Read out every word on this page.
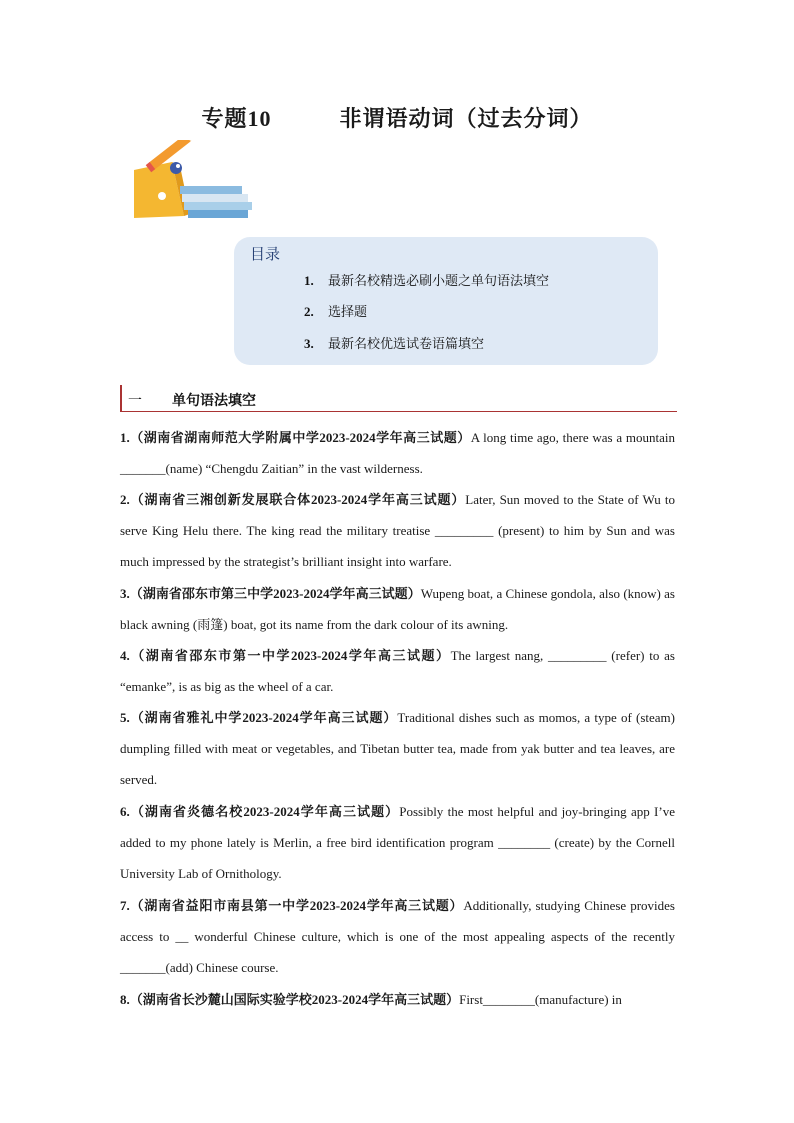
专题10	非谓语动词（过去分词）
目录
1. 最新名校精选必刷小题之单句语法填空
2. 选择题
3. 最新名校优选试卷语篇填空
一 单句语法填空
1.（湖南省湖南师范大学附属中学2023-2024学年高三试题）A long time ago, there was a mountain _______(name) “Chengdu Zaitian” in the vast wilderness.
2.（湖南省三湘创新发展联合体2023-2024学年高三试题）Later, Sun moved to the State of Wu to serve King Helu there. The king read the military treatise _________ (present) to him by Sun and was much impressed by the strategist’s brilliant insight into warfare.
3.（湖南省邵东市第三中学2023-2024学年高三试题）Wupeng boat, a Chinese gondola, also (know) as black awning (雨篷) boat, got its name from the dark colour of its awning.
4.（湖南省邵东市第一中学2023-2024学年高三试题）The largest nang, _________ (refer) to as “emanke”, is as big as the wheel of a car.
5.（湖南省雅礼中学2023-2024学年高三试题）Traditional dishes such as momos, a type of (steam) dumpling filled with meat or vegetables, and Tibetan butter tea, made from yak butter and tea leaves, are served.
6.（湖南省炎德名校2023-2024学年高三试题）Possibly the most helpful and joy-bringing app I’ve added to my phone lately is Merlin, a free bird identification program ________ (create) by the Cornell University Lab of Ornithology.
7.（湖南省益阳市南县第一中学2023-2024学年高三试题）Additionally, studying Chinese provides access to __ wonderful Chinese culture, which is one of the most appealing aspects of the recently _______(add) Chinese course.
8.（湖南省长沙麓山国际实验学校2023-2024学年高三试题）First________(manufacture) in
